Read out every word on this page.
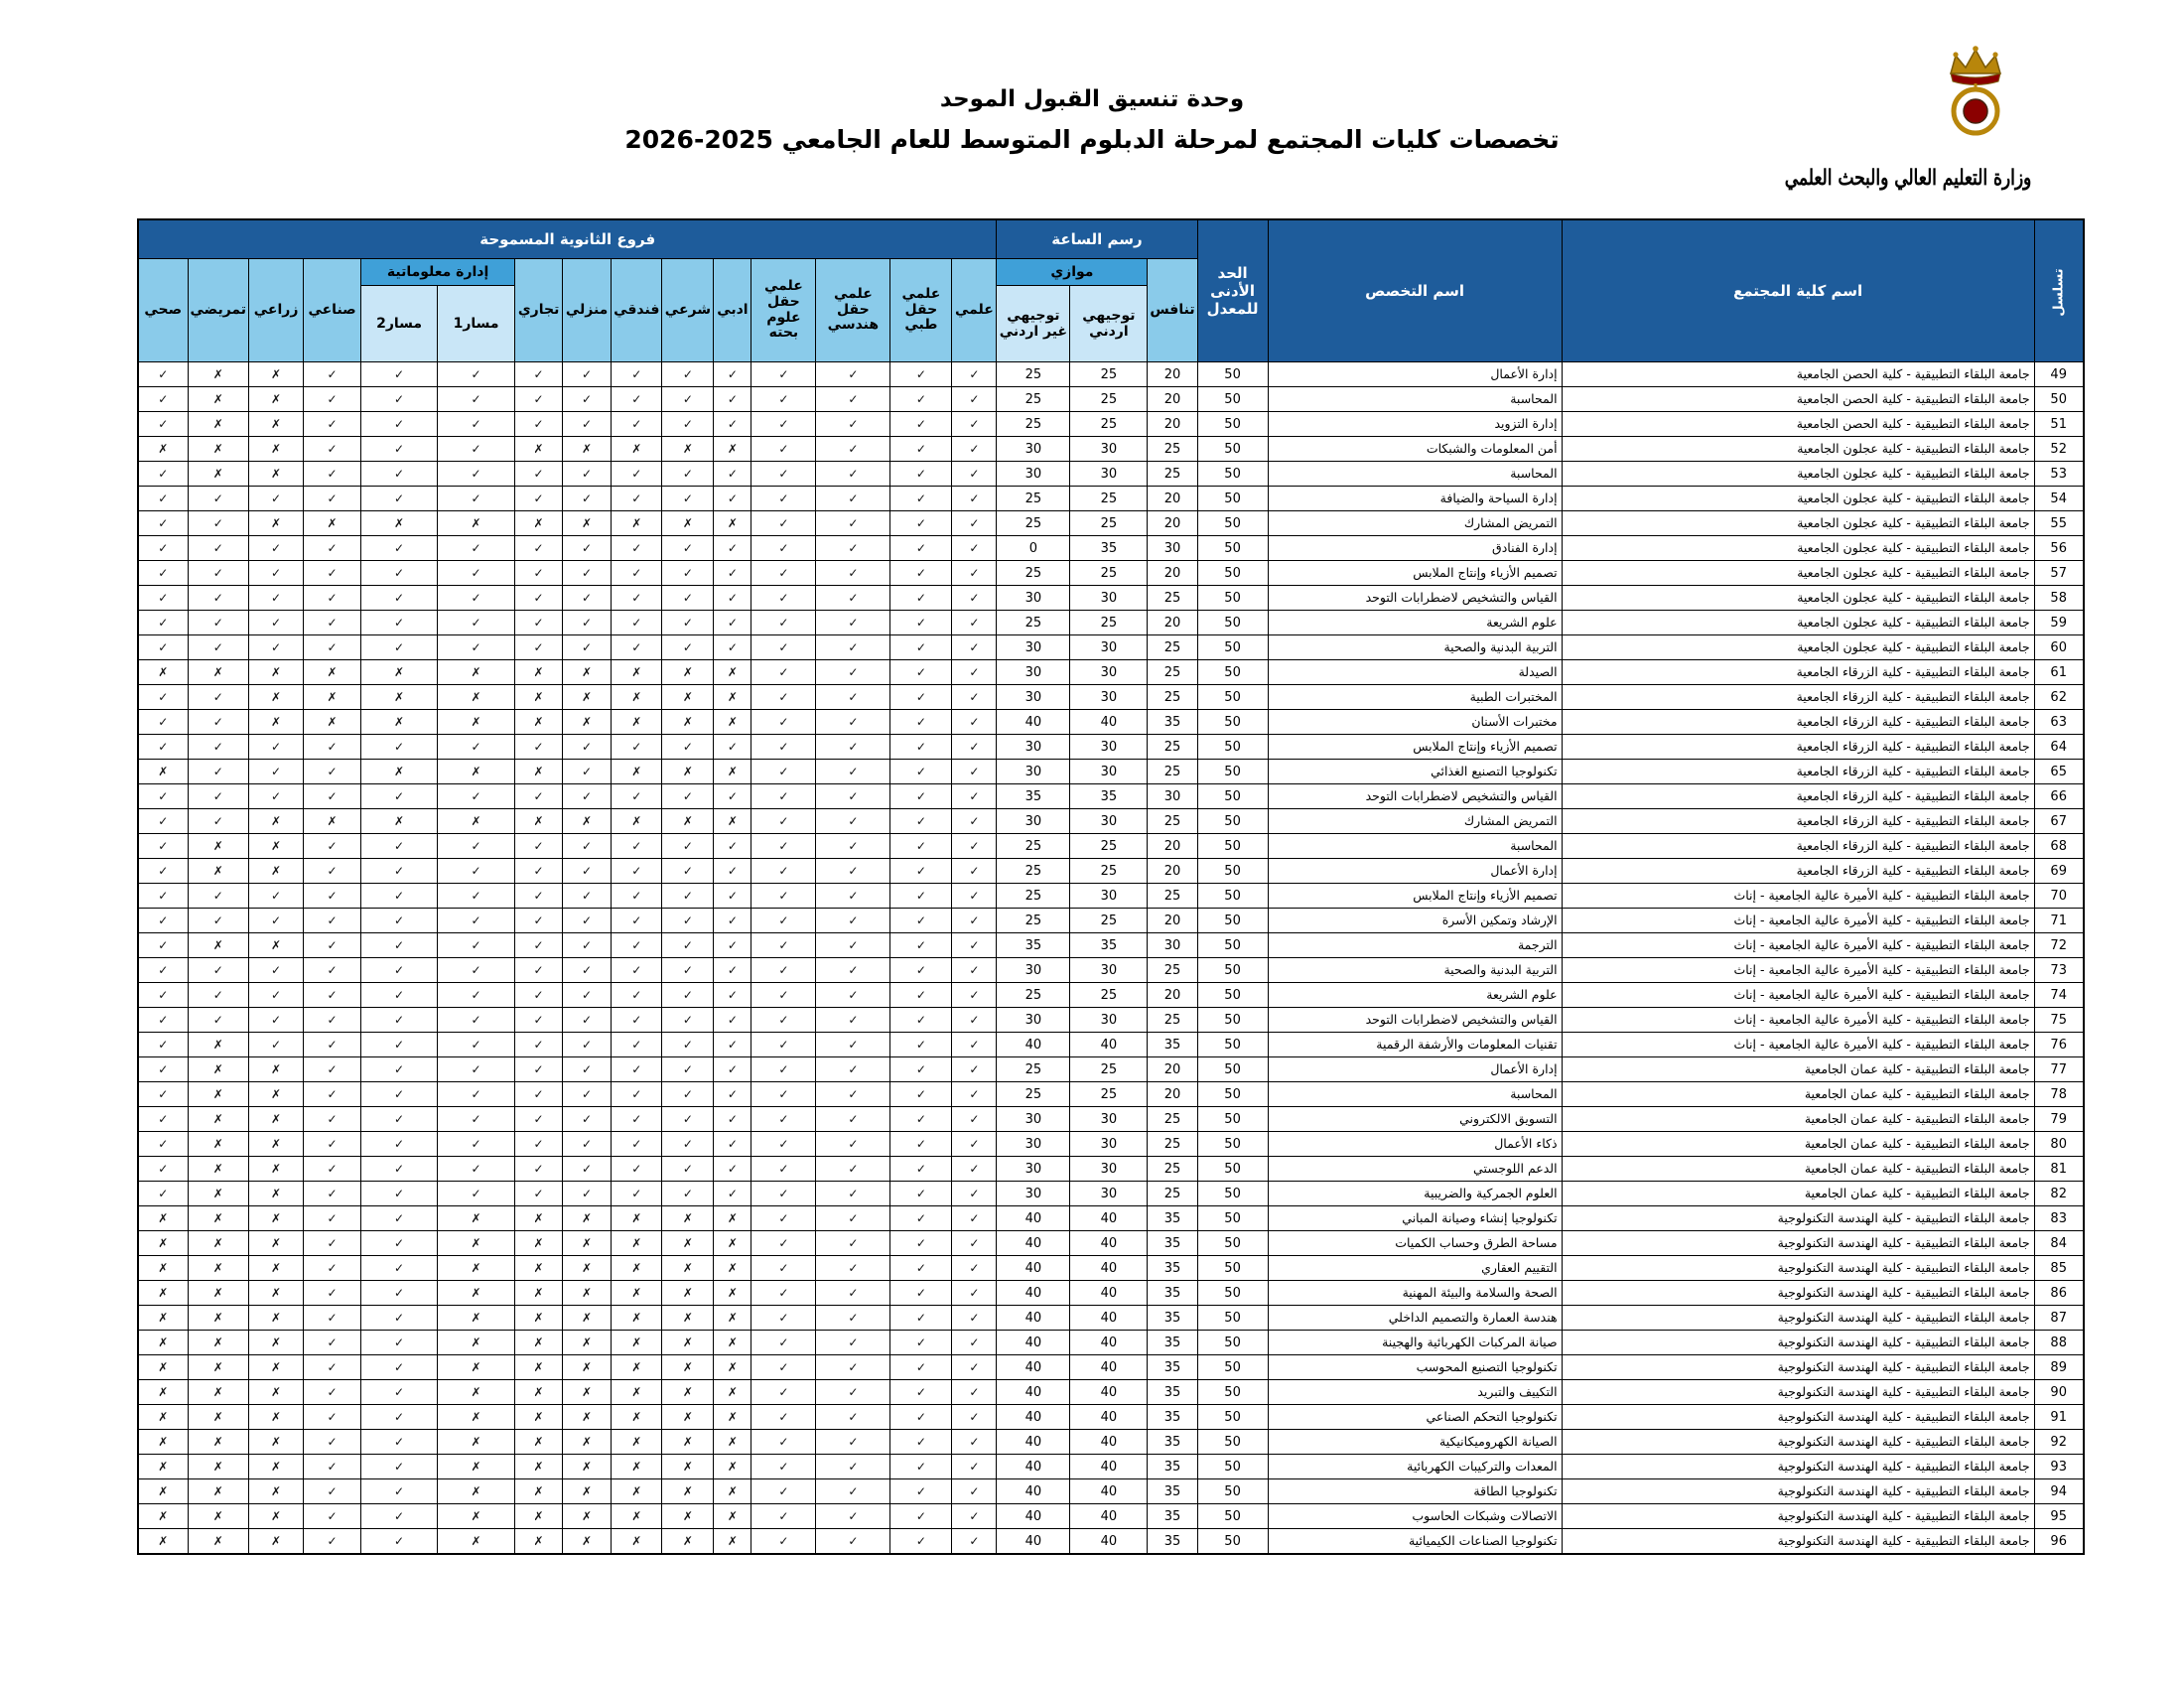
وحدة تنسيق القبول الموحد
تخصصات كليات المجتمع لمرحلة الدبلوم المتوسط للعام الجامعي 2025-2026
وزارة التعليم العالي والبحث العلمي
تسلسل	اسم كلية المجتمع	اسم التخصص	الحد الأدنى للمعدل	رسم الساعة			فروع الثانوية المسموحة														
				تنافس	موازي		علمي	علمي حقل طبي	علمي حقل هندسي	علمي حقل علوم بحته	ادبي	شرعي	فندقي	منزلي	تجاري	إدارة معلوماتية		صناعي	زراعي	تمريضي	صحي
					توجيهي اردني	توجيهي غير اردني										مسار1	مسار2				
49	جامعة البلقاء التطبيقية - كلية الحصن الجامعية	إدارة الأعمال	50	20	25	25	✓	✓	✓	✓	✓	✓	✓	✓	✓	✓	✓	✓	✗	✗	✓
50	جامعة البلقاء التطبيقية - كلية الحصن الجامعية	المحاسبة	50	20	25	25	✓	✓	✓	✓	✓	✓	✓	✓	✓	✓	✓	✓	✗	✗	✓
51	جامعة البلقاء التطبيقية - كلية الحصن الجامعية	إدارة التزويد	50	20	25	25	✓	✓	✓	✓	✓	✓	✓	✓	✓	✓	✓	✓	✗	✗	✓
52	جامعة البلقاء التطبيقية - كلية عجلون الجامعية	أمن المعلومات والشبكات	50	25	30	30	✓	✓	✓	✓	✗	✗	✗	✗	✗	✓	✓	✓	✗	✗	✗
53	جامعة البلقاء التطبيقية - كلية عجلون الجامعية	المحاسبة	50	25	30	30	✓	✓	✓	✓	✓	✓	✓	✓	✓	✓	✓	✓	✗	✗	✓
54	جامعة البلقاء التطبيقية - كلية عجلون الجامعية	إدارة السياحة والضيافة	50	20	25	25	✓	✓	✓	✓	✓	✓	✓	✓	✓	✓	✓	✓	✓	✓	✓
55	جامعة البلقاء التطبيقية - كلية عجلون الجامعية	التمريض المشارك	50	20	25	25	✓	✓	✓	✓	✗	✗	✗	✗	✗	✗	✗	✗	✗	✓	✓
56	جامعة البلقاء التطبيقية - كلية عجلون الجامعية	إدارة الفنادق	50	30	35	0	✓	✓	✓	✓	✓	✓	✓	✓	✓	✓	✓	✓	✓	✓	✓
57	جامعة البلقاء التطبيقية - كلية عجلون الجامعية	تصميم الأزياء وإنتاج الملابس	50	20	25	25	✓	✓	✓	✓	✓	✓	✓	✓	✓	✓	✓	✓	✓	✓	✓
58	جامعة البلقاء التطبيقية - كلية عجلون الجامعية	القياس والتشخيص لاضطرابات التوحد	50	25	30	30	✓	✓	✓	✓	✓	✓	✓	✓	✓	✓	✓	✓	✓	✓	✓
59	جامعة البلقاء التطبيقية - كلية عجلون الجامعية	علوم الشريعة	50	20	25	25	✓	✓	✓	✓	✓	✓	✓	✓	✓	✓	✓	✓	✓	✓	✓
60	جامعة البلقاء التطبيقية - كلية عجلون الجامعية	التربية البدنية والصحية	50	25	30	30	✓	✓	✓	✓	✓	✓	✓	✓	✓	✓	✓	✓	✓	✓	✓
61	جامعة البلقاء التطبيقية - كلية الزرقاء الجامعية	الصيدلة	50	25	30	30	✓	✓	✓	✓	✗	✗	✗	✗	✗	✗	✗	✗	✗	✗	✗
62	جامعة البلقاء التطبيقية - كلية الزرقاء الجامعية	المختبرات الطبية	50	25	30	30	✓	✓	✓	✓	✗	✗	✗	✗	✗	✗	✗	✗	✗	✓	✓
63	جامعة البلقاء التطبيقية - كلية الزرقاء الجامعية	مختبرات الأسنان	50	35	40	40	✓	✓	✓	✓	✗	✗	✗	✗	✗	✗	✗	✗	✗	✓	✓
64	جامعة البلقاء التطبيقية - كلية الزرقاء الجامعية	تصميم الأزياء وإنتاج الملابس	50	25	30	30	✓	✓	✓	✓	✓	✓	✓	✓	✓	✓	✓	✓	✓	✓	✓
65	جامعة البلقاء التطبيقية - كلية الزرقاء الجامعية	تكنولوجيا التصنيع الغذائي	50	25	30	30	✓	✓	✓	✓	✗	✗	✗	✓	✗	✗	✗	✓	✓	✓	✗
66	جامعة البلقاء التطبيقية - كلية الزرقاء الجامعية	القياس والتشخيص لاضطرابات التوحد	50	30	35	35	✓	✓	✓	✓	✓	✓	✓	✓	✓	✓	✓	✓	✓	✓	✓
67	جامعة البلقاء التطبيقية - كلية الزرقاء الجامعية	التمريض المشارك	50	25	30	30	✓	✓	✓	✓	✗	✗	✗	✗	✗	✗	✗	✗	✗	✓	✓
68	جامعة البلقاء التطبيقية - كلية الزرقاء الجامعية	المحاسبة	50	20	25	25	✓	✓	✓	✓	✓	✓	✓	✓	✓	✓	✓	✓	✗	✗	✓
69	جامعة البلقاء التطبيقية - كلية الزرقاء الجامعية	إدارة الأعمال	50	20	25	25	✓	✓	✓	✓	✓	✓	✓	✓	✓	✓	✓	✓	✗	✗	✓
70	جامعة البلقاء التطبيقية - كلية الأميرة عالية الجامعية - إناث	تصميم الأزياء وإنتاج الملابس	50	25	30	25	✓	✓	✓	✓	✓	✓	✓	✓	✓	✓	✓	✓	✓	✓	✓
71	جامعة البلقاء التطبيقية - كلية الأميرة عالية الجامعية - إناث	الإرشاد وتمكين الأسرة	50	20	25	25	✓	✓	✓	✓	✓	✓	✓	✓	✓	✓	✓	✓	✓	✓	✓
72	جامعة البلقاء التطبيقية - كلية الأميرة عالية الجامعية - إناث	الترجمة	50	30	35	35	✓	✓	✓	✓	✓	✓	✓	✓	✓	✓	✓	✓	✗	✗	✓
73	جامعة البلقاء التطبيقية - كلية الأميرة عالية الجامعية - إناث	التربية البدنية والصحية	50	25	30	30	✓	✓	✓	✓	✓	✓	✓	✓	✓	✓	✓	✓	✓	✓	✓
74	جامعة البلقاء التطبيقية - كلية الأميرة عالية الجامعية - إناث	علوم الشريعة	50	20	25	25	✓	✓	✓	✓	✓	✓	✓	✓	✓	✓	✓	✓	✓	✓	✓
75	جامعة البلقاء التطبيقية - كلية الأميرة عالية الجامعية - إناث	القياس والتشخيص لاضطرابات التوحد	50	25	30	30	✓	✓	✓	✓	✓	✓	✓	✓	✓	✓	✓	✓	✓	✓	✓
76	جامعة البلقاء التطبيقية - كلية الأميرة عالية الجامعية - إناث	تقنيات المعلومات والأرشفة الرقمية	50	35	40	40	✓	✓	✓	✓	✓	✓	✓	✓	✓	✓	✓	✓	✓	✗	✓
77	جامعة البلقاء التطبيقية - كلية عمان الجامعية	إدارة الأعمال	50	20	25	25	✓	✓	✓	✓	✓	✓	✓	✓	✓	✓	✓	✓	✗	✗	✓
78	جامعة البلقاء التطبيقية - كلية عمان الجامعية	المحاسبة	50	20	25	25	✓	✓	✓	✓	✓	✓	✓	✓	✓	✓	✓	✓	✗	✗	✓
79	جامعة البلقاء التطبيقية - كلية عمان الجامعية	التسويق الالكتروني	50	25	30	30	✓	✓	✓	✓	✓	✓	✓	✓	✓	✓	✓	✓	✗	✗	✓
80	جامعة البلقاء التطبيقية - كلية عمان الجامعية	ذكاء الأعمال	50	25	30	30	✓	✓	✓	✓	✓	✓	✓	✓	✓	✓	✓	✓	✗	✗	✓
81	جامعة البلقاء التطبيقية - كلية عمان الجامعية	الدعم اللوجستي	50	25	30	30	✓	✓	✓	✓	✓	✓	✓	✓	✓	✓	✓	✓	✗	✗	✓
82	جامعة البلقاء التطبيقية - كلية عمان الجامعية	العلوم الجمركية والضريبية	50	25	30	30	✓	✓	✓	✓	✓	✓	✓	✓	✓	✓	✓	✓	✗	✗	✓
83	جامعة البلقاء التطبيقية - كلية الهندسة التكنولوجية	تكنولوجيا إنشاء وصيانة المباني	50	35	40	40	✓	✓	✓	✓	✗	✗	✗	✗	✗	✗	✓	✓	✗	✗	✗
84	جامعة البلقاء التطبيقية - كلية الهندسة التكنولوجية	مساحة الطرق وحساب الكميات	50	35	40	40	✓	✓	✓	✓	✗	✗	✗	✗	✗	✗	✓	✓	✗	✗	✗
85	جامعة البلقاء التطبيقية - كلية الهندسة التكنولوجية	التقييم العقاري	50	35	40	40	✓	✓	✓	✓	✗	✗	✗	✗	✗	✗	✓	✓	✗	✗	✗
86	جامعة البلقاء التطبيقية - كلية الهندسة التكنولوجية	الصحة والسلامة والبيئة المهنية	50	35	40	40	✓	✓	✓	✓	✗	✗	✗	✗	✗	✗	✓	✓	✗	✗	✗
87	جامعة البلقاء التطبيقية - كلية الهندسة التكنولوجية	هندسة العمارة والتصميم الداخلي	50	35	40	40	✓	✓	✓	✓	✗	✗	✗	✗	✗	✗	✓	✓	✗	✗	✗
88	جامعة البلقاء التطبيقية - كلية الهندسة التكنولوجية	صيانة المركبات الكهربائية والهجينة	50	35	40	40	✓	✓	✓	✓	✗	✗	✗	✗	✗	✗	✓	✓	✗	✗	✗
89	جامعة البلقاء التطبيقية - كلية الهندسة التكنولوجية	تكنولوجيا التصنيع المحوسب	50	35	40	40	✓	✓	✓	✓	✗	✗	✗	✗	✗	✗	✓	✓	✗	✗	✗
90	جامعة البلقاء التطبيقية - كلية الهندسة التكنولوجية	التكييف والتبريد	50	35	40	40	✓	✓	✓	✓	✗	✗	✗	✗	✗	✗	✓	✓	✗	✗	✗
91	جامعة البلقاء التطبيقية - كلية الهندسة التكنولوجية	تكنولوجيا التحكم الصناعي	50	35	40	40	✓	✓	✓	✓	✗	✗	✗	✗	✗	✗	✓	✓	✗	✗	✗
92	جامعة البلقاء التطبيقية - كلية الهندسة التكنولوجية	الصيانة الكهروميكانيكية	50	35	40	40	✓	✓	✓	✓	✗	✗	✗	✗	✗	✗	✓	✓	✗	✗	✗
93	جامعة البلقاء التطبيقية - كلية الهندسة التكنولوجية	المعدات والتركيبات الكهربائية	50	35	40	40	✓	✓	✓	✓	✗	✗	✗	✗	✗	✗	✓	✓	✗	✗	✗
94	جامعة البلقاء التطبيقية - كلية الهندسة التكنولوجية	تكنولوجيا الطاقة	50	35	40	40	✓	✓	✓	✓	✗	✗	✗	✗	✗	✗	✓	✓	✗	✗	✗
95	جامعة البلقاء التطبيقية - كلية الهندسة التكنولوجية	الاتصالات وشبكات الحاسوب	50	35	40	40	✓	✓	✓	✓	✗	✗	✗	✗	✗	✗	✓	✓	✗	✗	✗
96	جامعة البلقاء التطبيقية - كلية الهندسة التكنولوجية	تكنولوجيا الصناعات الكيميائية	50	35	40	40	✓	✓	✓	✓	✗	✗	✗	✗	✗	✗	✓	✓	✗	✗	✗
